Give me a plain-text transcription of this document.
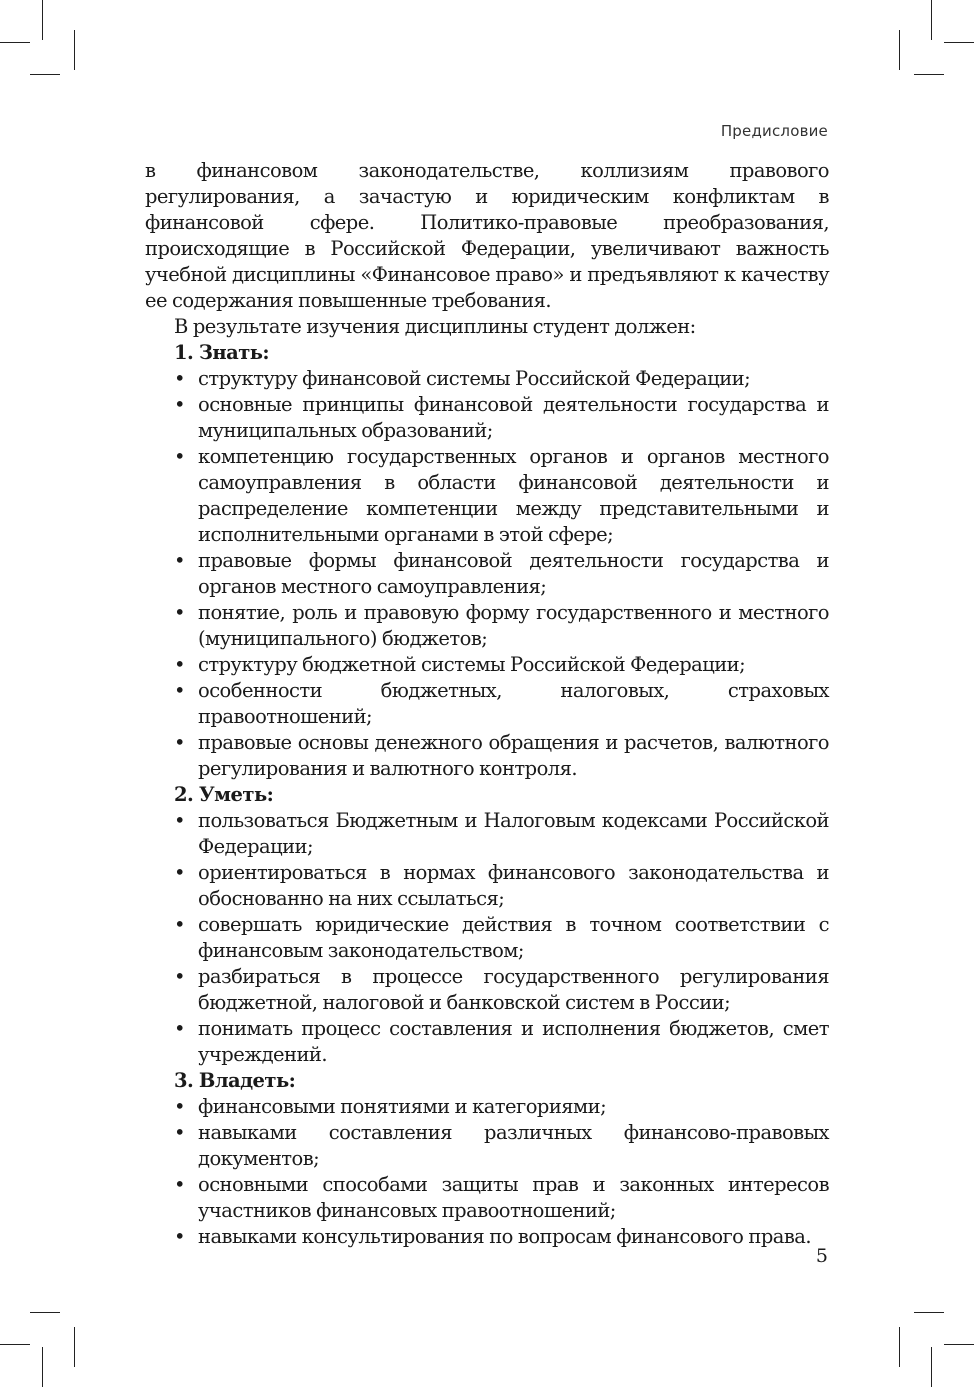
Предисловие

в финансовом законодательстве, коллизиям правового регулирования, а зачастую и юридическим конфликтам в финансовой сфере. Политико-правовые преобразования, происходящие в Российской Федерации, увеличивают важность учебной дисциплины «Финансовое право» и предъявляют к качеству ее содержания повышенные требования.

В результате изучения дисциплины студент должен:

1. Знать:

• структуру финансовой системы Российской Федерации;
• основные принципы финансовой деятельности государства и муниципальных образований;
• компетенцию государственных органов и органов местного самоуправления в области финансовой деятельности и распределение компетенции между представительными и исполнительными органами в этой сфере;
• правовые формы финансовой деятельности государства и органов местного самоуправления;
• понятие, роль и правовую форму государственного и местного (муниципального) бюджетов;
• структуру бюджетной системы Российской Федерации;
• особенности бюджетных, налоговых, страховых правоотношений;
• правовые основы денежного обращения и расчетов, валютного регулирования и валютного контроля.

2. Уметь:

• пользоваться Бюджетным и Налоговым кодексами Российской Федерации;
• ориентироваться в нормах финансового законодательства и обоснованно на них ссылаться;
• совершать юридические действия в точном соответствии с финансовым законодательством;
• разбираться в процессе государственного регулирования бюджетной, налоговой и банковской систем в России;
• понимать процесс составления и исполнения бюджетов, смет учреждений.

3. Владеть:

• финансовыми понятиями и категориями;
• навыками составления различных финансово-правовых документов;
• основными способами защиты прав и законных интересов участников финансовых правоотношений;
• навыками консультирования по вопросам финансового права.
5
